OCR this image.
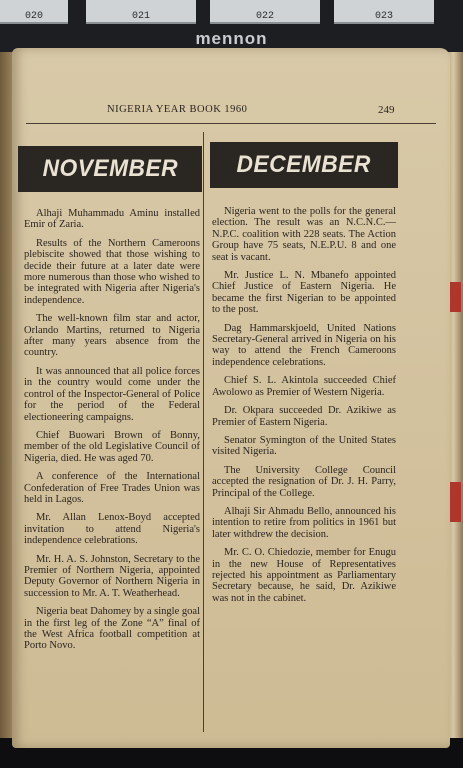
020	021	022	023
mennon
NIGERIA YEAR BOOK 1960	249
NOVEMBER DECEMBER

Alhaji Muhammadu Aminu installed Emir of Zaria.

Results of the Northern Cameroons plebiscite showed that those wishing to decide their future at a later date were more numerous than those who wished to be integrated with Nigeria after Nigeria's independence.

The well-known film star and actor, Orlando Martins, returned to Nigeria after many years absence from the country.

It was announced that all police forces in the country would come under the control of the Inspector-General of Police for the period of the Federal electioneering campaigns.

Chief Buowari Brown of Bonny, member of the old Legislative Council of Nigeria, died. He was aged 70.

A conference of the International Confederation of Free Trades Union was held in Lagos.

Mr. Allan Lenox-Boyd accepted invitation to attend Nigeria's independence celebrations.

Mr. H. A. S. Johnston, Secretary to the Premier of Northern Nigeria, appointed Deputy Governor of Northern Nigeria in succession to Mr. A. T. Weatherhead.

Nigeria beat Dahomey by a single goal in the first leg of the Zone “A” final of the West Africa football competition at Porto Novo.

Nigeria went to the polls for the general election. The result was an N.C.N.C.—N.P.C. coalition with 228 seats. The Action Group have 75 seats, N.E.P.U. 8 and one seat is vacant.

Mr. Justice L. N. Mbanefo appointed Chief Justice of Eastern Nigeria. He became the first Nigerian to be appointed to the post.

Dag Hammarskjoeld, United Nations Secretary-General arrived in Nigeria on his way to attend the French Cameroons independence celebrations.

Chief S. L. Akintola succeeded Chief Awolowo as Premier of Western Nigeria.

Dr. Okpara succeeded Dr. Azikiwe as Premier of Eastern Nigeria.

Senator Symington of the United States visited Nigeria.

The University College Council accepted the resignation of Dr. J. H. Parry, Principal of the College.

Alhaji Sir Ahmadu Bello, announced his intention to retire from politics in 1961 but later withdrew the decision.

Mr. C. O. Chiedozie, member for Enugu in the new House of Representatives rejected his appointment as Parliamentary Secretary because, he said, Dr. Azikiwe was not in the cabinet.
